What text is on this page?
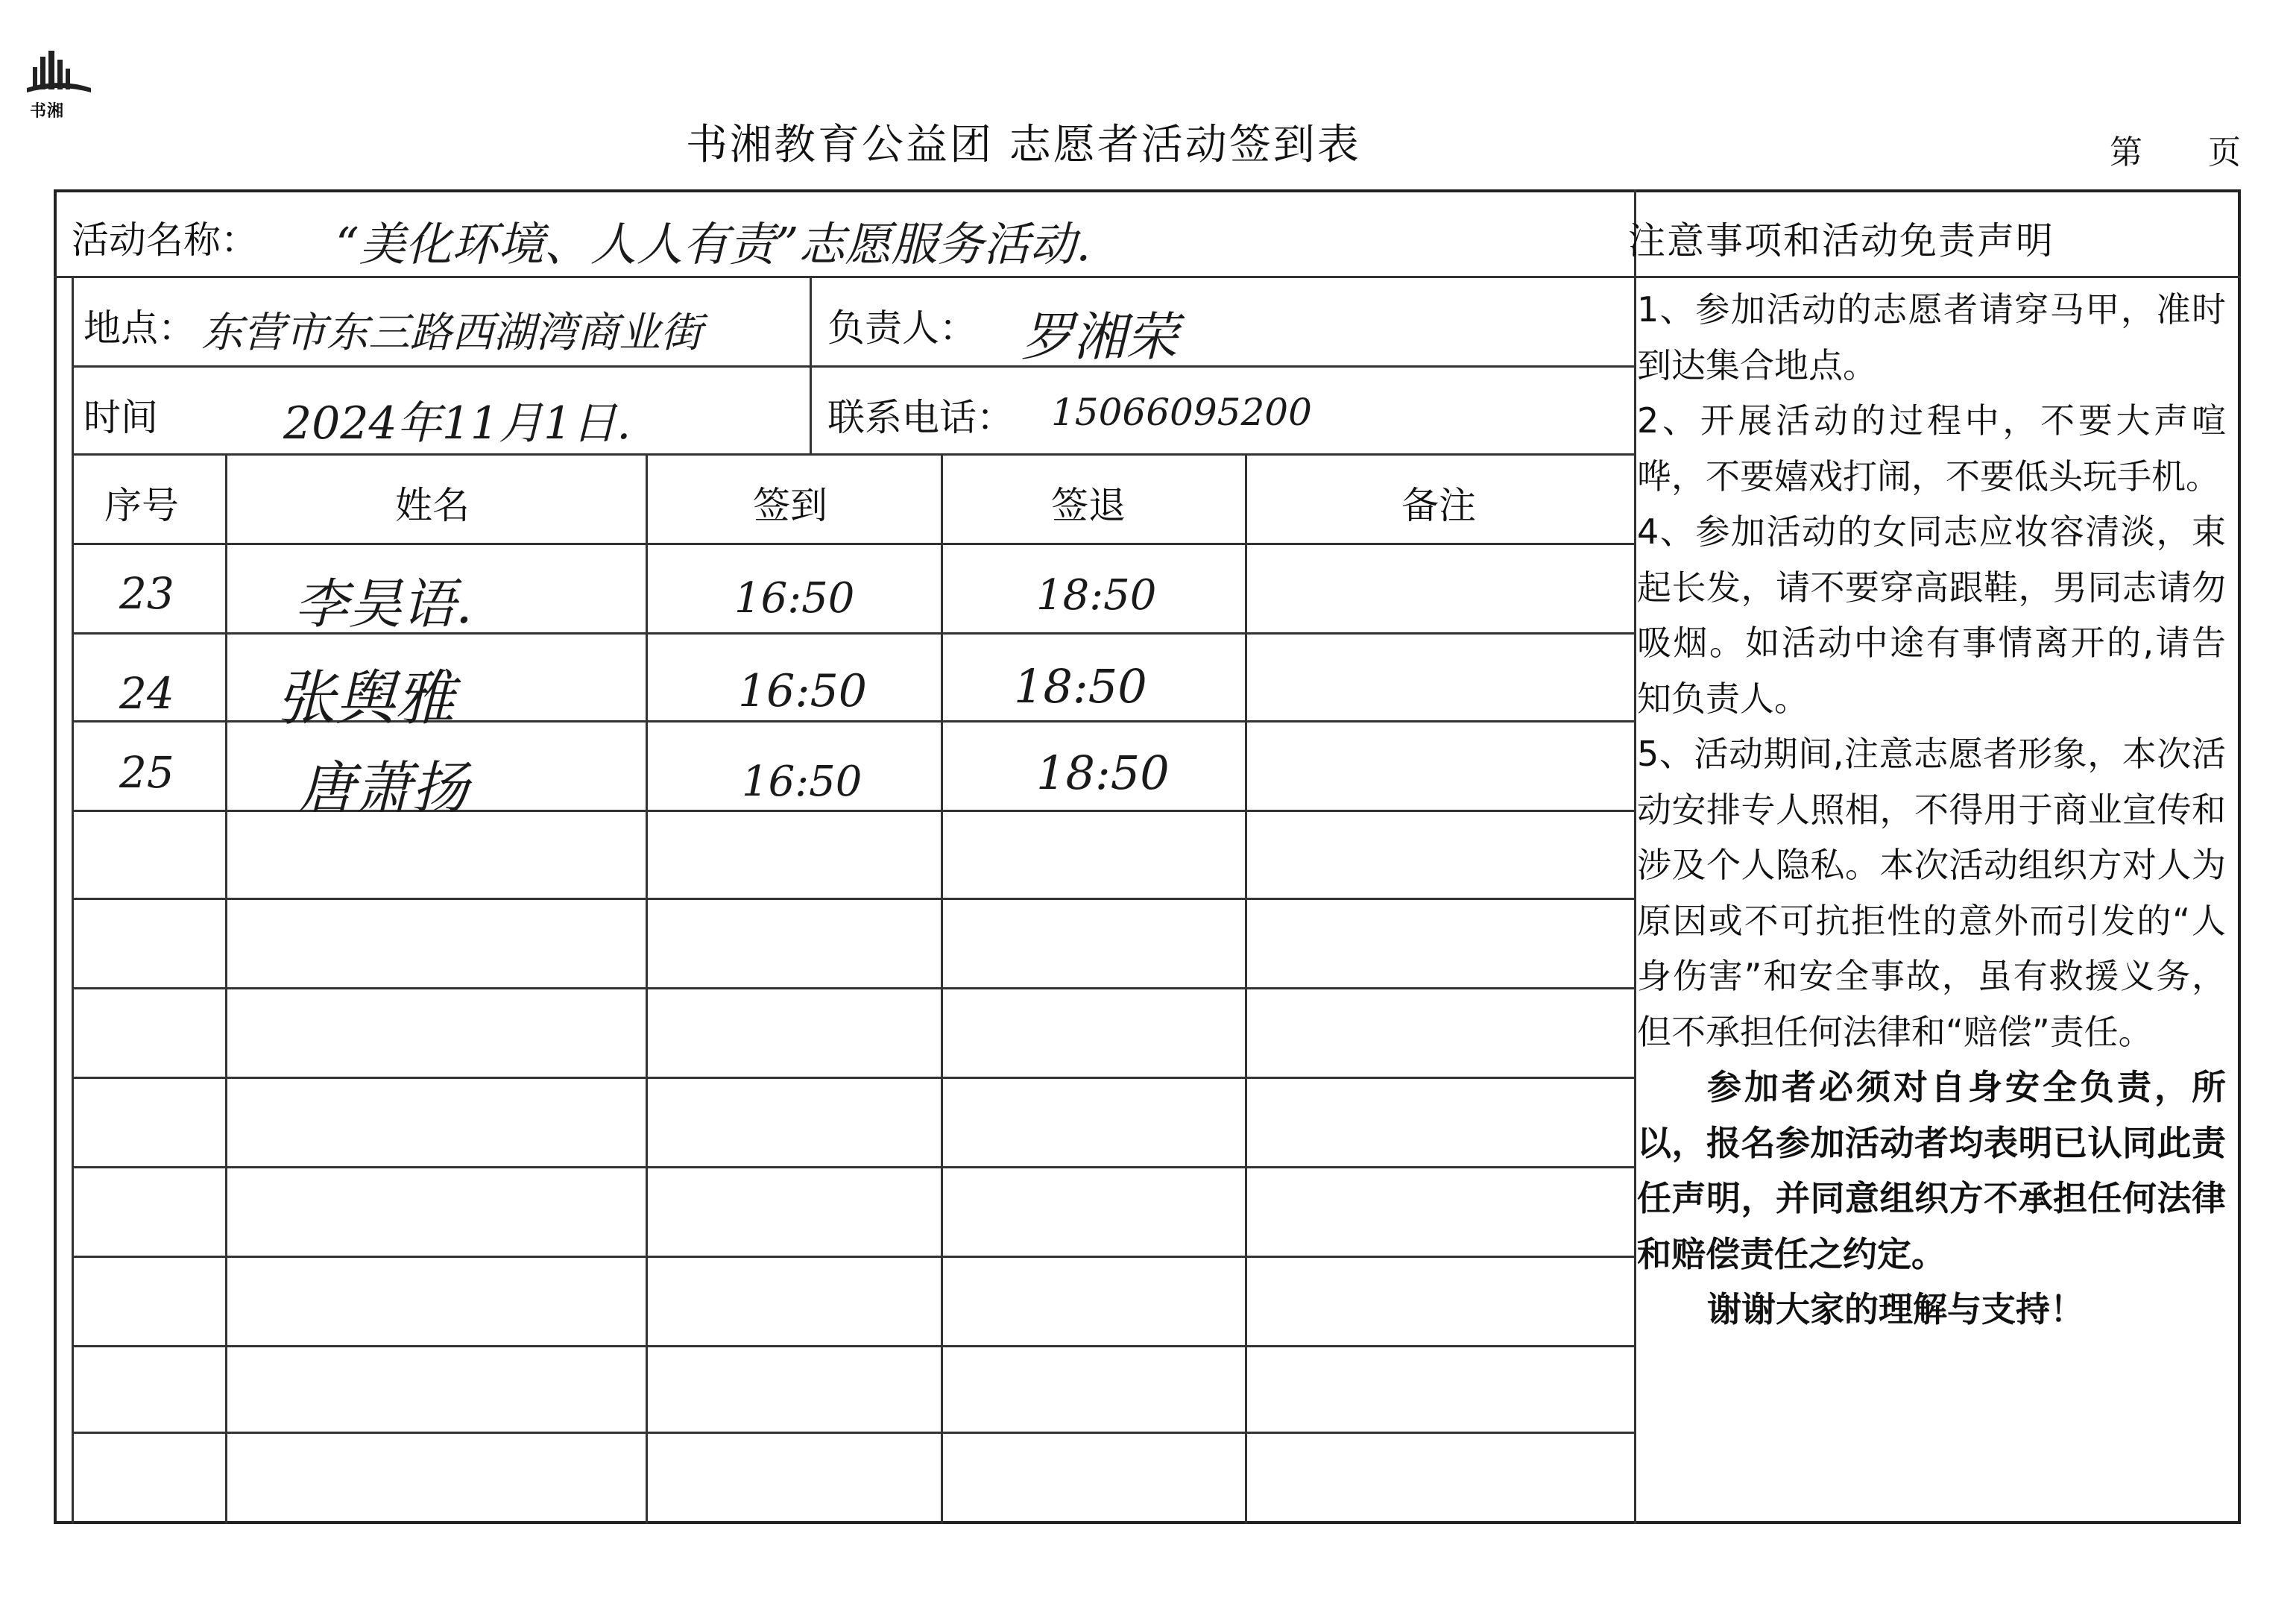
书湘
书湘教育公益团 志愿者活动签到表	第 页
活动名称： “美化环境、人人有责”志愿服务活动.
地点： 东营市东三路西湖湾商业街	负责人： 罗湘荣
时间	2024年11月1日.	联系电话： 15066095200
序号	姓名	签到	签退	备注
23 李昊语.	16:50	18:50
24 张舆雅	16:50	18:50
25 唐萧扬	16:50	18:50
注意事项和活动免责声明

1、参加活动的志愿者请穿马甲，准时到达集合地点。

2、开展活动的过程中，不要大声喧哗，不要嬉戏打闹，不要低头玩手机。

4、参加活动的女同志应妆容清淡，束起长发，请不要穿高跟鞋，男同志请勿吸烟。如活动中途有事情离开的,请告知负责人。

5、活动期间,注意志愿者形象，本次活动安排专人照相，不得用于商业宣传和涉及个人隐私。本次活动组织方对人为原因或不可抗拒性的意外而引发的“人身伤害”和安全事故，虽有救援义务，但不承担任何法律和“赔偿”责任。

参加者必须对自身安全负责，所以，报名参加活动者均表明已认同此责任声明，并同意组织方不承担任何法律和赔偿责任之约定。

谢谢大家的理解与支持！
